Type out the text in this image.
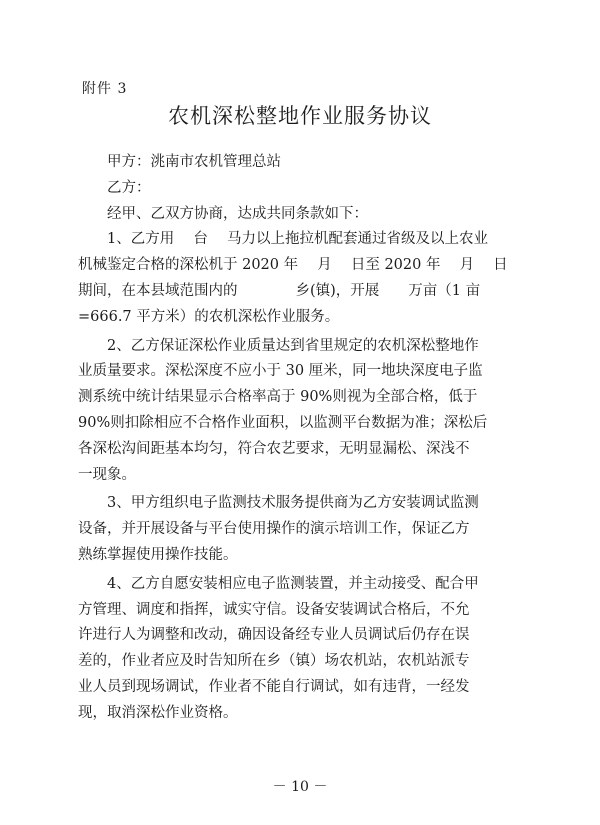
附件 3
农机深松整地作业服务协议
甲方：洮南市农机管理总站
乙方：
经甲、乙双方协商，达成共同条款如下：
1、乙方用　 台　 马力以上拖拉机配套通过省级及以上农业
机械鉴定合格的深松机于 2020 年　 月　 日至 2020 年　 月　 日
期间，在本县域范围内的　　　　乡(镇)，开展　　万亩（1 亩
=666.7 平方米）的农机深松作业服务。
2、乙方保证深松作业质量达到省里规定的农机深松整地作
业质量要求。深松深度不应小于 30 厘米，同一地块深度电子监
测系统中统计结果显示合格率高于 90%则视为全部合格，低于
90%则扣除相应不合格作业面积，以监测平台数据为准；深松后
各深松沟间距基本均匀，符合农艺要求，无明显漏松、深浅不
一现象。
3、甲方组织电子监测技术服务提供商为乙方安装调试监测
设备，并开展设备与平台使用操作的演示培训工作，保证乙方
熟练掌握使用操作技能。
4、乙方自愿安装相应电子监测装置，并主动接受、配合甲
方管理、调度和指挥，诚实守信。设备安装调试合格后，不允
许进行人为调整和改动，确因设备经专业人员调试后仍存在误
差的，作业者应及时告知所在乡（镇）场农机站，农机站派专
业人员到现场调试，作业者不能自行调试，如有违背，一经发
现，取消深松作业资格。
－ 10 －
